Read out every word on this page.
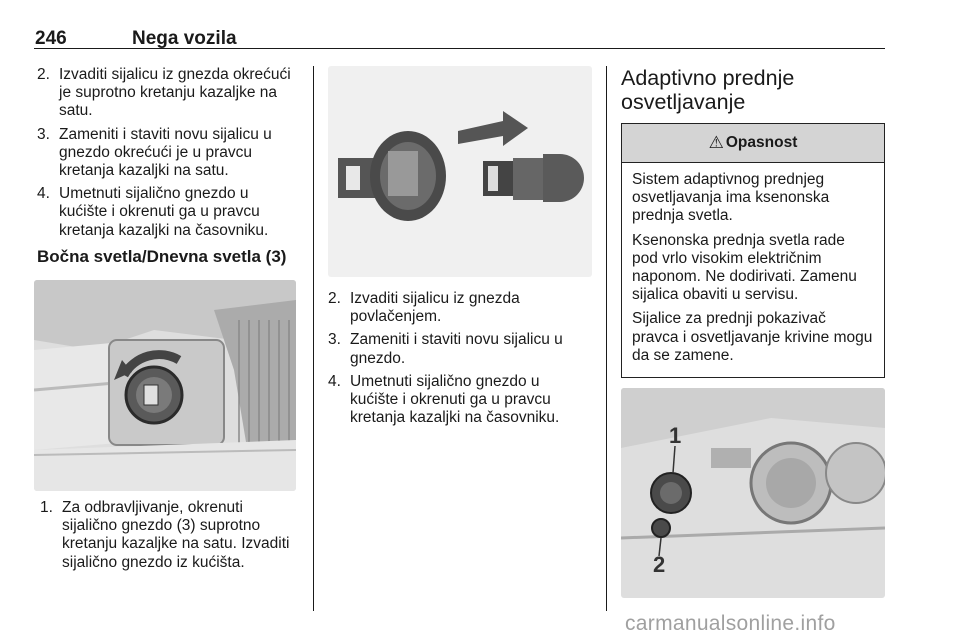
246	Nega vozila
2. Izvaditi sijalicu iz gnezda okrećući je suprotno kretanju kazaljke na satu.
3. Zameniti i staviti novu sijalicu u gnezdo okrećući je u pravcu kretanja kazaljki na satu.
4. Umetnuti sijalično gnezdo u kućište i okrenuti ga u pravcu kretanja kazaljki na časovniku.
Bočna svetla/Dnevna svetla (3)
1. Za odbravljivanje, okrenuti sijalično gnezdo (3) suprotno kretanju kazaljke na satu. Izvaditi sijalično gnezdo iz kućišta.
2. Izvaditi sijalicu iz gnezda povlačenjem.
3. Zameniti i staviti novu sijalicu u gnezdo.
4. Umetnuti sijalično gnezdo u kućište i okrenuti ga u pravcu kretanja kazaljki na časovniku.
Adaptivno prednje osvetljavanje
⚠ Opasnost

Sistem adaptivnog prednjeg osvetljavanja ima ksenonska prednja svetla.

Ksenonska prednja svetla rade pod vrlo visokim električnim naponom. Ne dodirivati. Zamenu sijalica obaviti u servisu.

Sijalice za prednji pokazivač pravca i osvetljavanje krivine mogu da se zamene.

1
2
carmanualsonline.info
